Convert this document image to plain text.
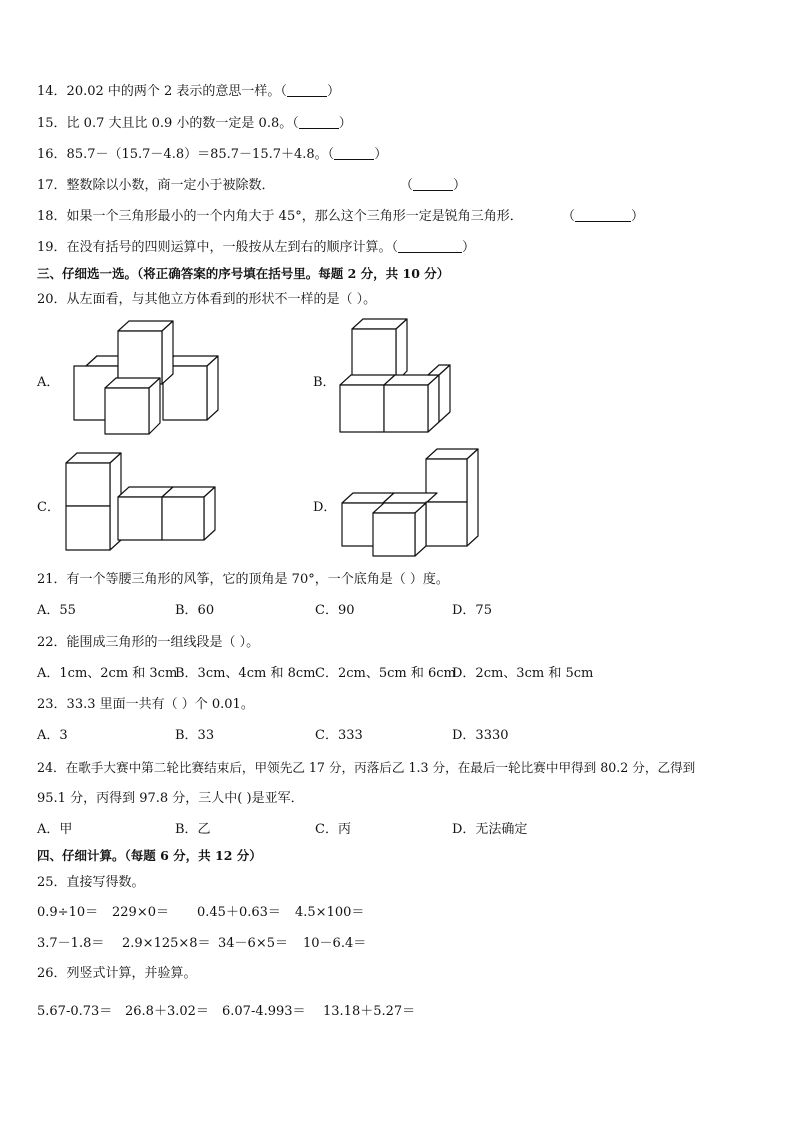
14．20.02 中的两个 2 表示的意思一样。（	）
15．比 0.7 大且比 0.9 小的数一定是 0.8。（	）
16．85.7－（15.7－4.8）＝85.7－15.7＋4.8。（	）
17．整数除以小数，商一定小于被除数．	（	）
18．如果一个三角形最小的一个内角大于 45°，那么这个三角形一定是锐角三角形．	（	）
19．在没有括号的四则运算中，一般按从左到右的顺序计算。（	）
三、仔细选一选。（将正确答案的序号填在括号里。每题 2 分，共 10 分）
20．从左面看，与其他立方体看到的形状不一样的是（ ）。
A．	B．
C．	D．
21．有一个等腰三角形的风筝，它的顶角是 70°，一个底角是（ ）度。
A．55	B．60	C．90	D．75
22．能围成三角形的一组线段是（ ）。
A．1cm、2cm 和 3cm
B．3cm、4cm 和 8cm C．2cm、5cm 和 6cm
D．2cm、3cm 和 5cm
23．33.3 里面一共有（ ）个 0.01。
A．3	B．33	C．333	D．3330
24．在歌手大赛中第二轮比赛结束后，甲领先乙 17 分，丙落后乙 1.3 分，在最后一轮比赛中甲得到 80.2 分，乙得到
95.1 分，丙得到 97.8 分，三人中( )是亚军．
A．甲	B．乙	C．丙	D．无法确定
四、仔细计算。（每题 6 分，共 12 分）
25．直接写得数。
0.9÷10＝ 229×0＝ 0.45＋0.63＝ 4.5×100＝
3.7－1.8＝ 2.9×125×8＝ 34－6×5＝ 10－6.4＝
26．列竖式计算，并验算。
5.67-0.73＝ 26.8＋3.02＝ 6.07-4.993＝ 13.18＋5.27＝
